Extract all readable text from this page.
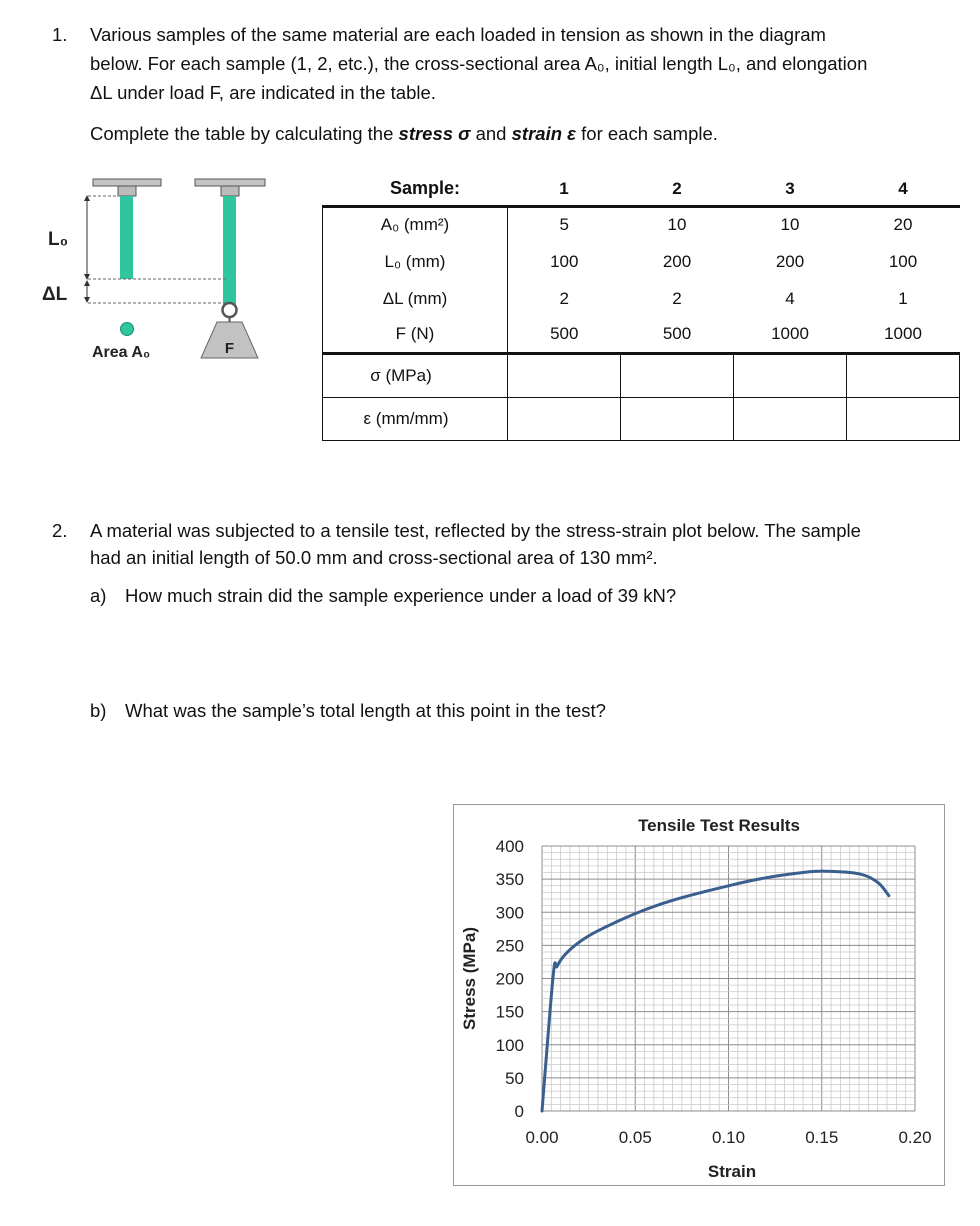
1. Various samples of the same material are each loaded in tension as shown in the diagram
below. For each sample (1, 2, etc.), the cross-sectional area A₀, initial length L₀, and elongation
ΔL under load F, are indicated in the table.
Complete the table by calculating the stress σ and strain ε for each sample.
F
L₀
ΔL
Area A₀
Sample:	1	2	3	4
A₀ (mm²)	5	10	10	20
L₀ (mm)	100	200	200	100
ΔL (mm)	2	2	4	1
F (N)	500	500	1000	1000
σ (MPa)				
ε (mm/mm)				
2. A material was subjected to a tensile test, reflected by the stress-strain plot below. The sample
had an initial length of 50.0 mm and cross-sectional area of 130 mm².
a) How much strain did the sample experience under a load of 39 kN?
b) What was the sample’s total length at this point in the test?
0
50
100
150
200
250
300
350
400
0.00	0.05	0.10	0.15	0.20
Tensile Test Results
Strain
Stress (MPa)
